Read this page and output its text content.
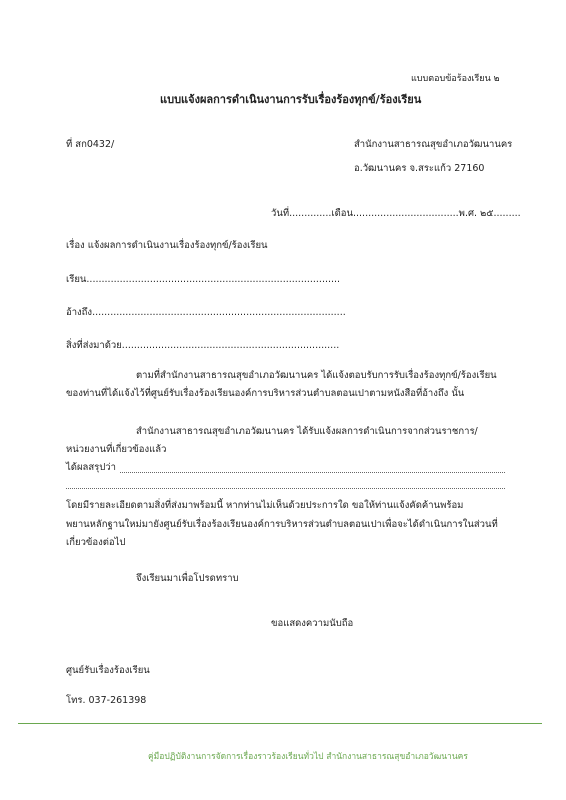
แบบตอบข้อร้องเรียน ๒
แบบแจ้งผลการดำเนินงานการรับเรื่องร้องทุกข์/ร้องเรียน
ที่ สก0432/	สำนักงานสาธารณสุขอำเภอวัฒนานคร
อ.วัฒนานคร จ.สระแก้ว 27160
วันที่..............เดือน...................................พ.ศ. ๒๕.........
เรื่อง แจ้งผลการดำเนินงานเรื่องร้องทุกข์/ร้องเรียน
เรียน....................................................................................
อ้างถึง....................................................................................
สิ่งที่ส่งมาด้วย........................................................................
ตามที่สำนักงานสาธารณสุขอำเภอวัฒนานคร ได้แจ้งตอบรับการรับเรื่องร้องทุกข์/ร้องเรียน
ของท่านที่ได้แจ้งไว้ที่ศูนย์รับเรื่องร้องเรียนองค์การบริหารส่วนตำบลตอนเปาตามหนังสือที่อ้างถึง นั้น
สำนักงานสาธารณสุขอำเภอวัฒนานคร ได้รับแจ้งผลการดำเนินการจากส่วนราชการ/
หน่วยงานที่เกี่ยวข้องแล้ว
ได้ผลสรุปว่า
โดยมีรายละเอียดตามสิ่งที่ส่งมาพร้อมนี้ หากท่านไม่เห็นด้วยประการใด ขอให้ท่านแจ้งคัดค้านพร้อม
พยานหลักฐานใหม่มายังศูนย์รับเรื่องร้องเรียนองค์การบริหารส่วนตำบลตอนเปาเพื่อจะได้ดำเนินการในส่วนที่
เกี่ยวข้องต่อไป
จึงเรียนมาเพื่อโปรดทราบ
ขอแสดงความนับถือ
ศูนย์รับเรื่องร้องเรียน
โทร. 037-261398
คู่มือปฏิบัติงานการจัดการเรื่องราวร้องเรียนทั่วไป สำนักงานสาธารณสุขอำเภอวัฒนานคร
